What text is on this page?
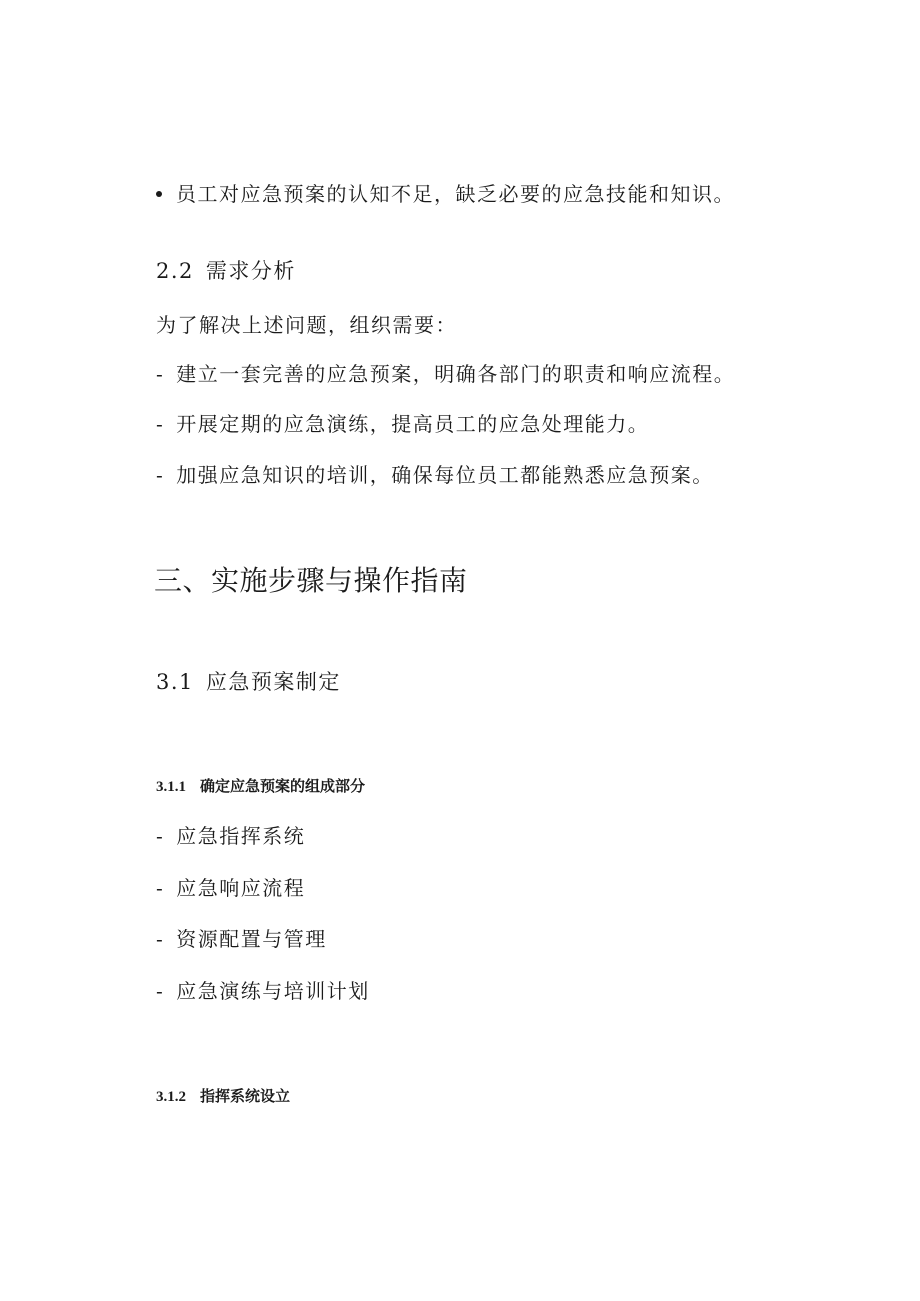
员工对应急预案的认知不足，缺乏必要的应急技能和知识。

2.2 需求分析

为了解决上述问题，组织需要：

- 建立一套完善的应急预案，明确各部门的职责和响应流程。

- 开展定期的应急演练，提高员工的应急处理能力。

- 加强应急知识的培训，确保每位员工都能熟悉应急预案。

三、实施步骤与操作指南

3.1 应急预案制定

3.1.1 确定应急预案的组成部分

- 应急指挥系统

- 应急响应流程

- 资源配置与管理

- 应急演练与培训计划

3.1.2 指挥系统设立
